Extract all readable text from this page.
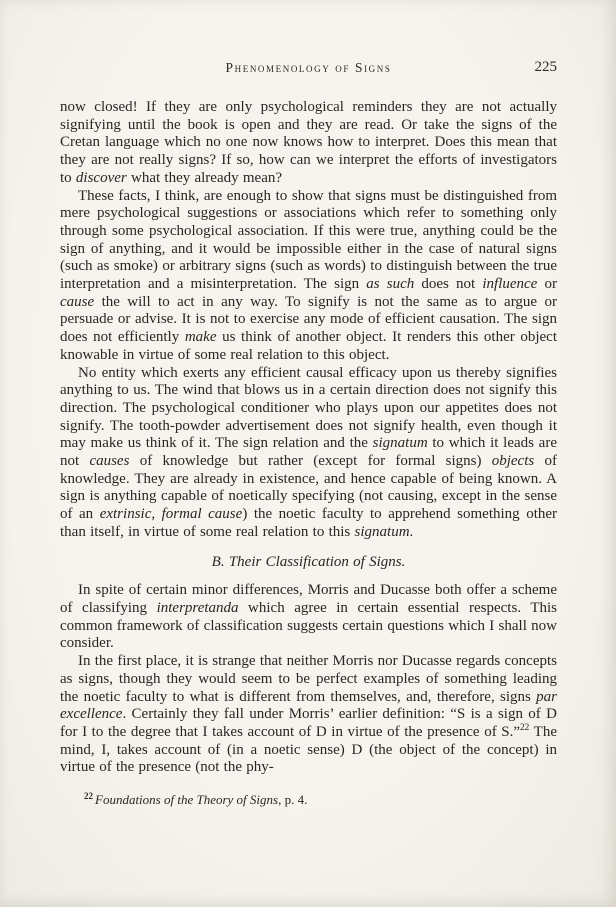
Phenomenology of Signs	225

now closed! If they are only psychological reminders they are not actually signifying until the book is open and they are read. Or take the signs of the Cretan language which no one now knows how to interpret. Does this mean that they are not really signs? If so, how can we interpret the efforts of investigators to discover what they already mean?

These facts, I think, are enough to show that signs must be distinguished from mere psychological suggestions or associations which refer to something only through some psychological association. If this were true, anything could be the sign of anything, and it would be impossible either in the case of natural signs (such as smoke) or arbitrary signs (such as words) to distinguish between the true interpretation and a misinterpretation. The sign as such does not influence or cause the will to act in any way. To signify is not the same as to argue or persuade or advise. It is not to exercise any mode of efficient causation. The sign does not efficiently make us think of another object. It renders this other object knowable in virtue of some real relation to this object.

No entity which exerts any efficient causal efficacy upon us thereby signifies anything to us. The wind that blows us in a certain direction does not signify this direction. The psychological conditioner who plays upon our appetites does not signify. The tooth-powder advertisement does not signify health, even though it may make us think of it. The sign relation and the signatum to which it leads are not causes of knowledge but rather (except for formal signs) objects of knowledge. They are already in existence, and hence capable of being known. A sign is anything capable of noetically specifying (not causing, except in the sense of an extrinsic, formal cause) the noetic faculty to apprehend something other than itself, in virtue of some real relation to this signatum.

B. Their Classification of Signs.

In spite of certain minor differences, Morris and Ducasse both offer a scheme of classifying interpretanda which agree in certain essential respects. This common framework of classification suggests certain questions which I shall now consider.

In the first place, it is strange that neither Morris nor Ducasse regards concepts as signs, though they would seem to be perfect examples of something leading the noetic faculty to what is different from themselves, and, therefore, signs par excellence. Certainly they fall under Morris’ earlier definition: “S is a sign of D for I to the degree that I takes account of D in virtue of the presence of S.”$^{22}$ The mind, I, takes account of (in a noetic sense) D (the object of the concept) in virtue of the presence (not the phy-

$^{22}$ Foundations of the Theory of Signs, p. 4.
